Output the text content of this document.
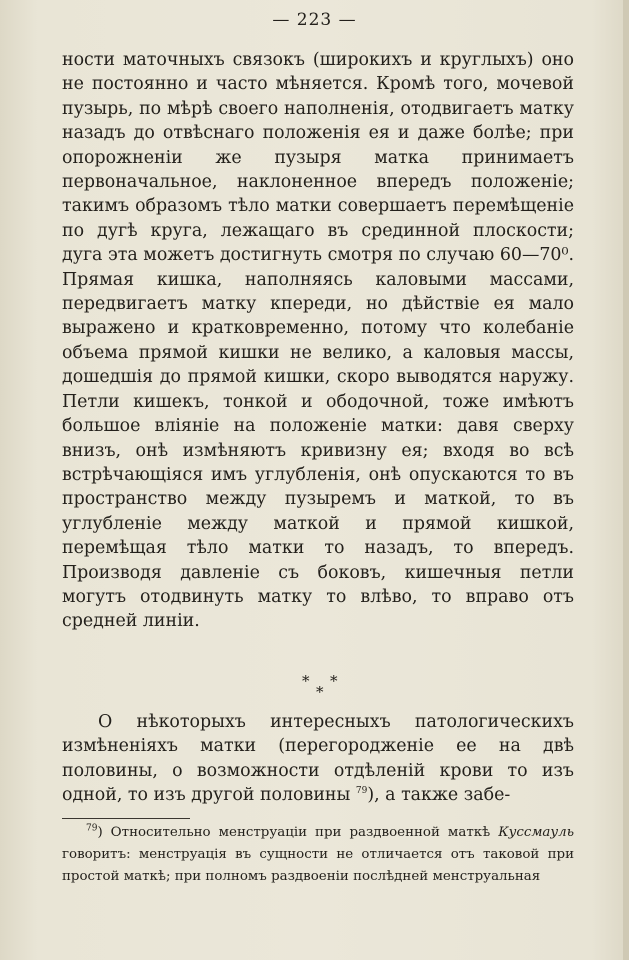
— 223 —

ности маточныхъ связокъ (широкихъ и круглыхъ) оно не постоянно и часто мѣняется. Кромѣ того, мочевой пузырь, по мѣрѣ своего наполненія, отодвигаетъ матку назадъ до отвѣснаго положенія ея и даже болѣе; при опорожненіи же пузыря матка принимаетъ первоначальное, наклоненное впередъ положеніе; такимъ образомъ тѣло матки совершаетъ перемѣщеніе по дугѣ круга, лежащаго въ срединной плоскости; дуга эта можетъ достигнуть смотря по случаю 60—70⁰. Прямая кишка, наполняясь каловыми массами, передвигаетъ матку кпереди, но дѣйствіе ея мало выражено и кратковременно, потому что колебаніе объема прямой кишки не велико, а каловыя массы, дошедшія до прямой кишки, скоро выводятся наружу. Петли кишекъ, тонкой и ободочной, тоже имѣютъ большое вліяніе на положеніе матки: давя сверху внизъ, онѣ измѣняютъ кривизну ея; входя во всѣ встрѣчающіяся имъ углубленія, онѣ опускаются то въ пространство между пузыремъ и маткой, то въ углубленіе между маткой и прямой кишкой, перемѣщая тѣло матки то назадъ, то впередъ. Производя давленіе съ боковъ, кишечныя петли могутъ отодвинуть матку то влѣво, то вправо отъ средней линіи.

* *
*

О нѣкоторыхъ интересныхъ патологическихъ измѣненіяхъ матки (перегородженіе ее на двѣ половины, о возможности отдѣленій крови то изъ одной, то изъ другой половины $^{79}$), а также забе-

$^{79}$) Относительно менструаціи при раздвоенной маткѣ Куссмауль говоритъ: менструація въ сущности не отличается отъ таковой при простой маткѣ; при полномъ раздвоеніи послѣдней менструальная
